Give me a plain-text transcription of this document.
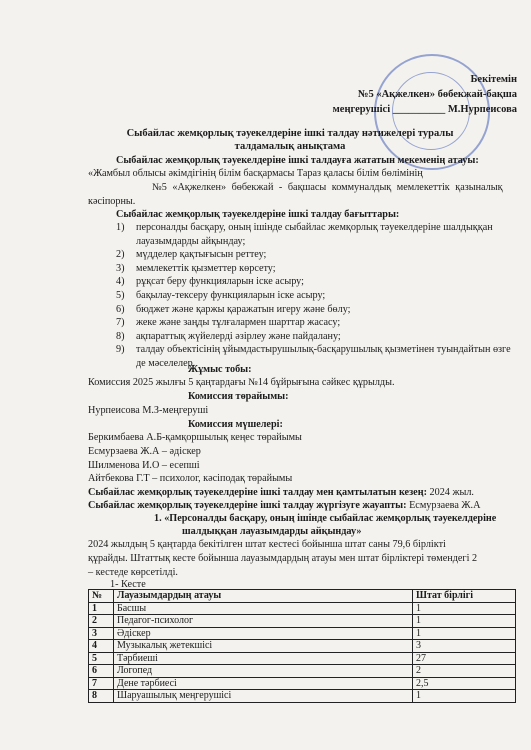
Бекітемін
№5 «Ақжелкен» бөбекжай-бақша
меңгерушісі __________ М.Нурпеисова
Сыбайлас жемқорлық тәуекелдеріне ішкі талдау нәтижелері туралы талдамалық анықтама
Сыбайлас жемқорлық тәуекелдеріне ішкі талдауға жататын мекеменің атауы:
«Жамбыл облысы әкімдігінің білім басқармасы Тараз қаласы білім бөлімінің
№5 «Ақжелкен» бөбекжай - бақшасы коммуналдық мемлекеттік қазыналық
кәсіпорны.
Сыбайлас жемқорлық тәуекелдеріне ішкі талдау бағыттары:
1)	персоналды басқару, оның ішінде сыбайлас жемқорлық тәуекелдеріне шалдыққан лауазымдарды айқындау;
2)	мүдделер қақтығысын реттеу;
3)	мемлекеттік қызметтер көрсету;
4)	рұқсат беру функцияларын іске асыру;
5)	бақылау-тексеру функцияларын іске асыру;
6)	бюджет және қаржы қаражатын игеру және бөлу;
7)	жеке және заңды тұлғалармен шарттар жасасу;
8)	ақпараттық жүйелерді әзірлеу және пайдалану;
9)	талдау объектісінің ұйымдастырушылық-басқарушылық қызметінен туындайтын өзге де мәселелер.
Жұмыс тобы:
Комиссия 2025 жылғы 5 қаңтардағы №14 бұйрығына сәйкес құрылды.
Комиссия төрайымы:
Нурпеисова М.З-меңгеруші
Комиссия мүшелері:
Беркимбаева А.Б-қамқоршылық кеңес төрайымы
Есмурзаева Ж.А – әдіскер
Шилменова И.О – есепші
Айтбекова Г.Т – психолог, кәсіподақ төрайымы
Сыбайлас жемқорлық тәуекелдеріне ішкі талдау мен қамтылатын кезең: 2024 жыл.
Сыбайлас жемқорлық тәуекелдеріне ішкі талдау жүргізуге жауапты: Есмурзаева Ж.А
1. «Персоналды басқару, оның ішінде сыбайлас жемқорлық тәуекелдеріне
шалдыққан лауазымдарды айқындау»
2024 жылдың 5 қаңтарда бекітілген штат кестесі бойынша штат саны 79,6 бірлікті
құрайды. Штаттық кесте бойынша лауазымдардың атауы мен штат бірліктері төмендегі 2
– кестеде көрсетілді.
1- Кесте
№	Лауазымдардың атауы	Штат бірлігі
1	Басшы	1
2	Педагог-психолог	1
3	Әдіскер	1
4	Музыкалық жетекшісі	3
5	Тәрбиеші	27
6	Логопед	2
7	Дене тәрбиесі	2,5
8	Шаруашылық меңгерушісі	1
